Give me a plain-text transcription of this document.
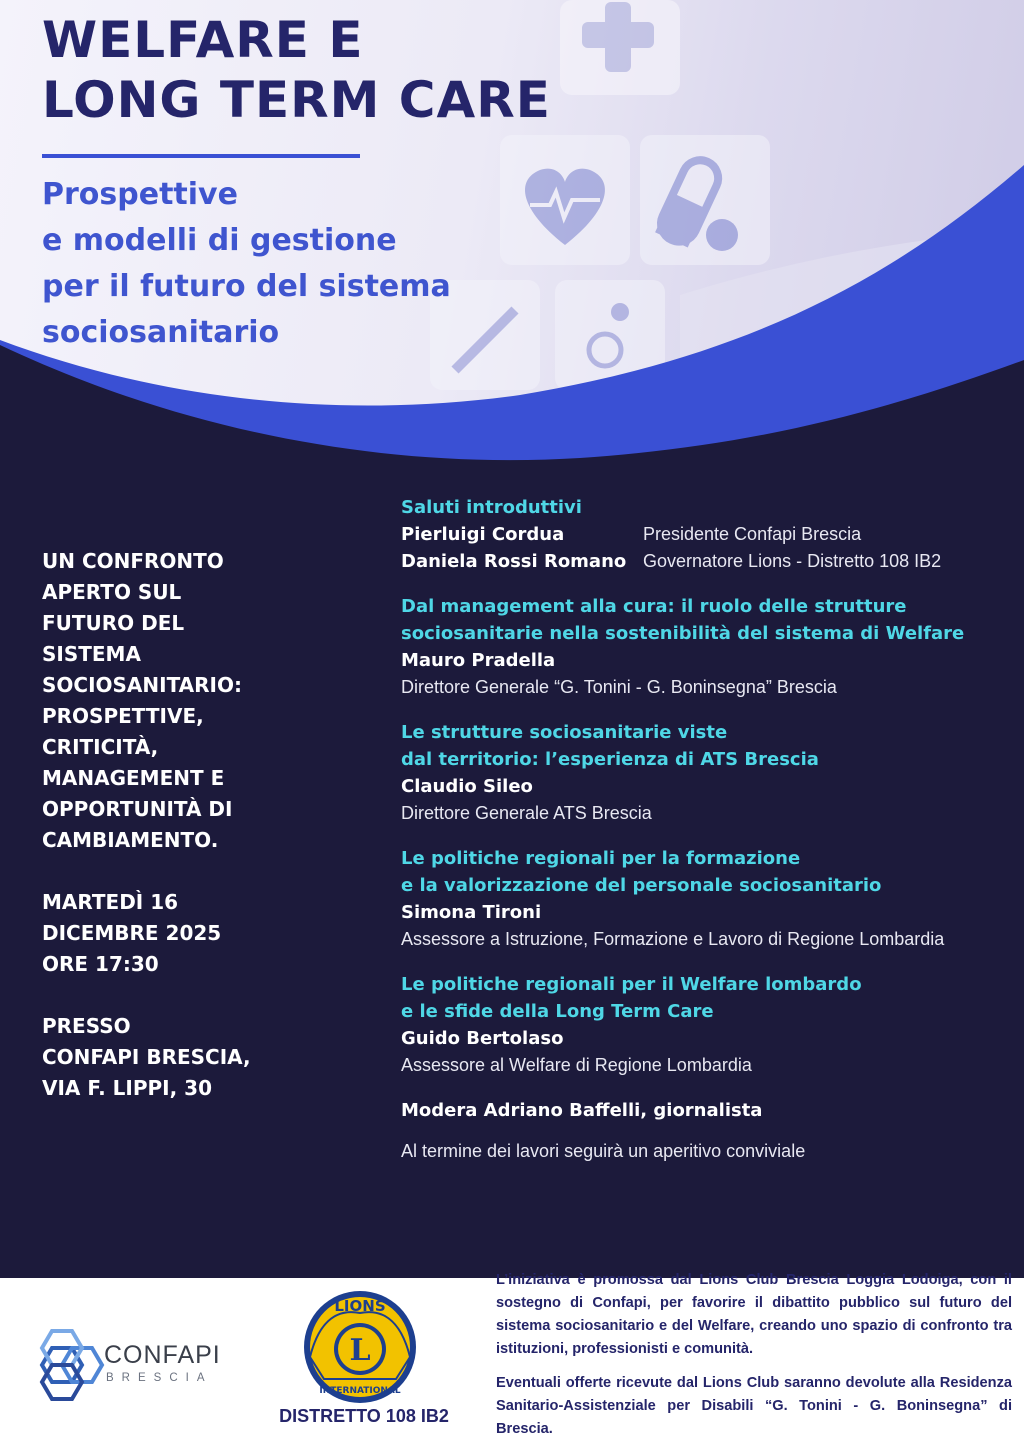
WELFARE E
LONG TERM CARE
Prospettive
e modelli di gestione
per il futuro del sistema
sociosanitario

UN CONFRONTO
APERTO SUL
FUTURO DEL
SISTEMA
SOCIOSANITARIO:
PROSPETTIVE,
CRITICITÀ,
MANAGEMENT E
OPPORTUNITÀ DI
CAMBIAMENTO.

MARTEDÌ 16
DICEMBRE 2025
ORE 17:30

PRESSO
CONFAPI BRESCIA,
VIA F. LIPPI, 30

Saluti introduttivi
Pierluigi Cordua	Presidente Confapi Brescia
Daniela Rossi Romano Governatore Lions - Distretto 108 IB2
Dal management alla cura: il ruolo delle strutture
sociosanitarie nella sostenibilità del sistema di Welfare
Mauro Pradella
Direttore Generale “G. Tonini - G. Boninsegna” Brescia
Le strutture sociosanitarie viste
dal territorio: l’esperienza di ATS Brescia
Claudio Sileo
Direttore Generale ATS Brescia
Le politiche regionali per la formazione
e la valorizzazione del personale sociosanitario
Simona Tironi
Assessore a Istruzione, Formazione e Lavoro di Regione Lombardia
Le politiche regionali per il Welfare lombardo
e le sfide della Long Term Care
Guido Bertolaso
Assessore al Welfare di Regione Lombardia
Modera Adriano Baffelli, giornalista
Al termine dei lavori seguirà un aperitivo conviviale
CONFAPI
BRESCIA
L
LIONS
INTERNATIONAL
DISTRETTO 108 IB2

L’iniziativa è promossa dal Lions Club Brescia Loggia Lodoiga, con il sostegno di Confapi, per favorire il dibattito pubblico sul futuro del sistema sociosanitario e del Welfare, creando uno spazio di confronto tra istituzioni, professionisti e comunità.

Eventuali offerte ricevute dal Lions Club saranno devolute alla Residenza Sanitario-Assistenziale per Disabili “G. Tonini - G. Boninsegna” di Brescia.
